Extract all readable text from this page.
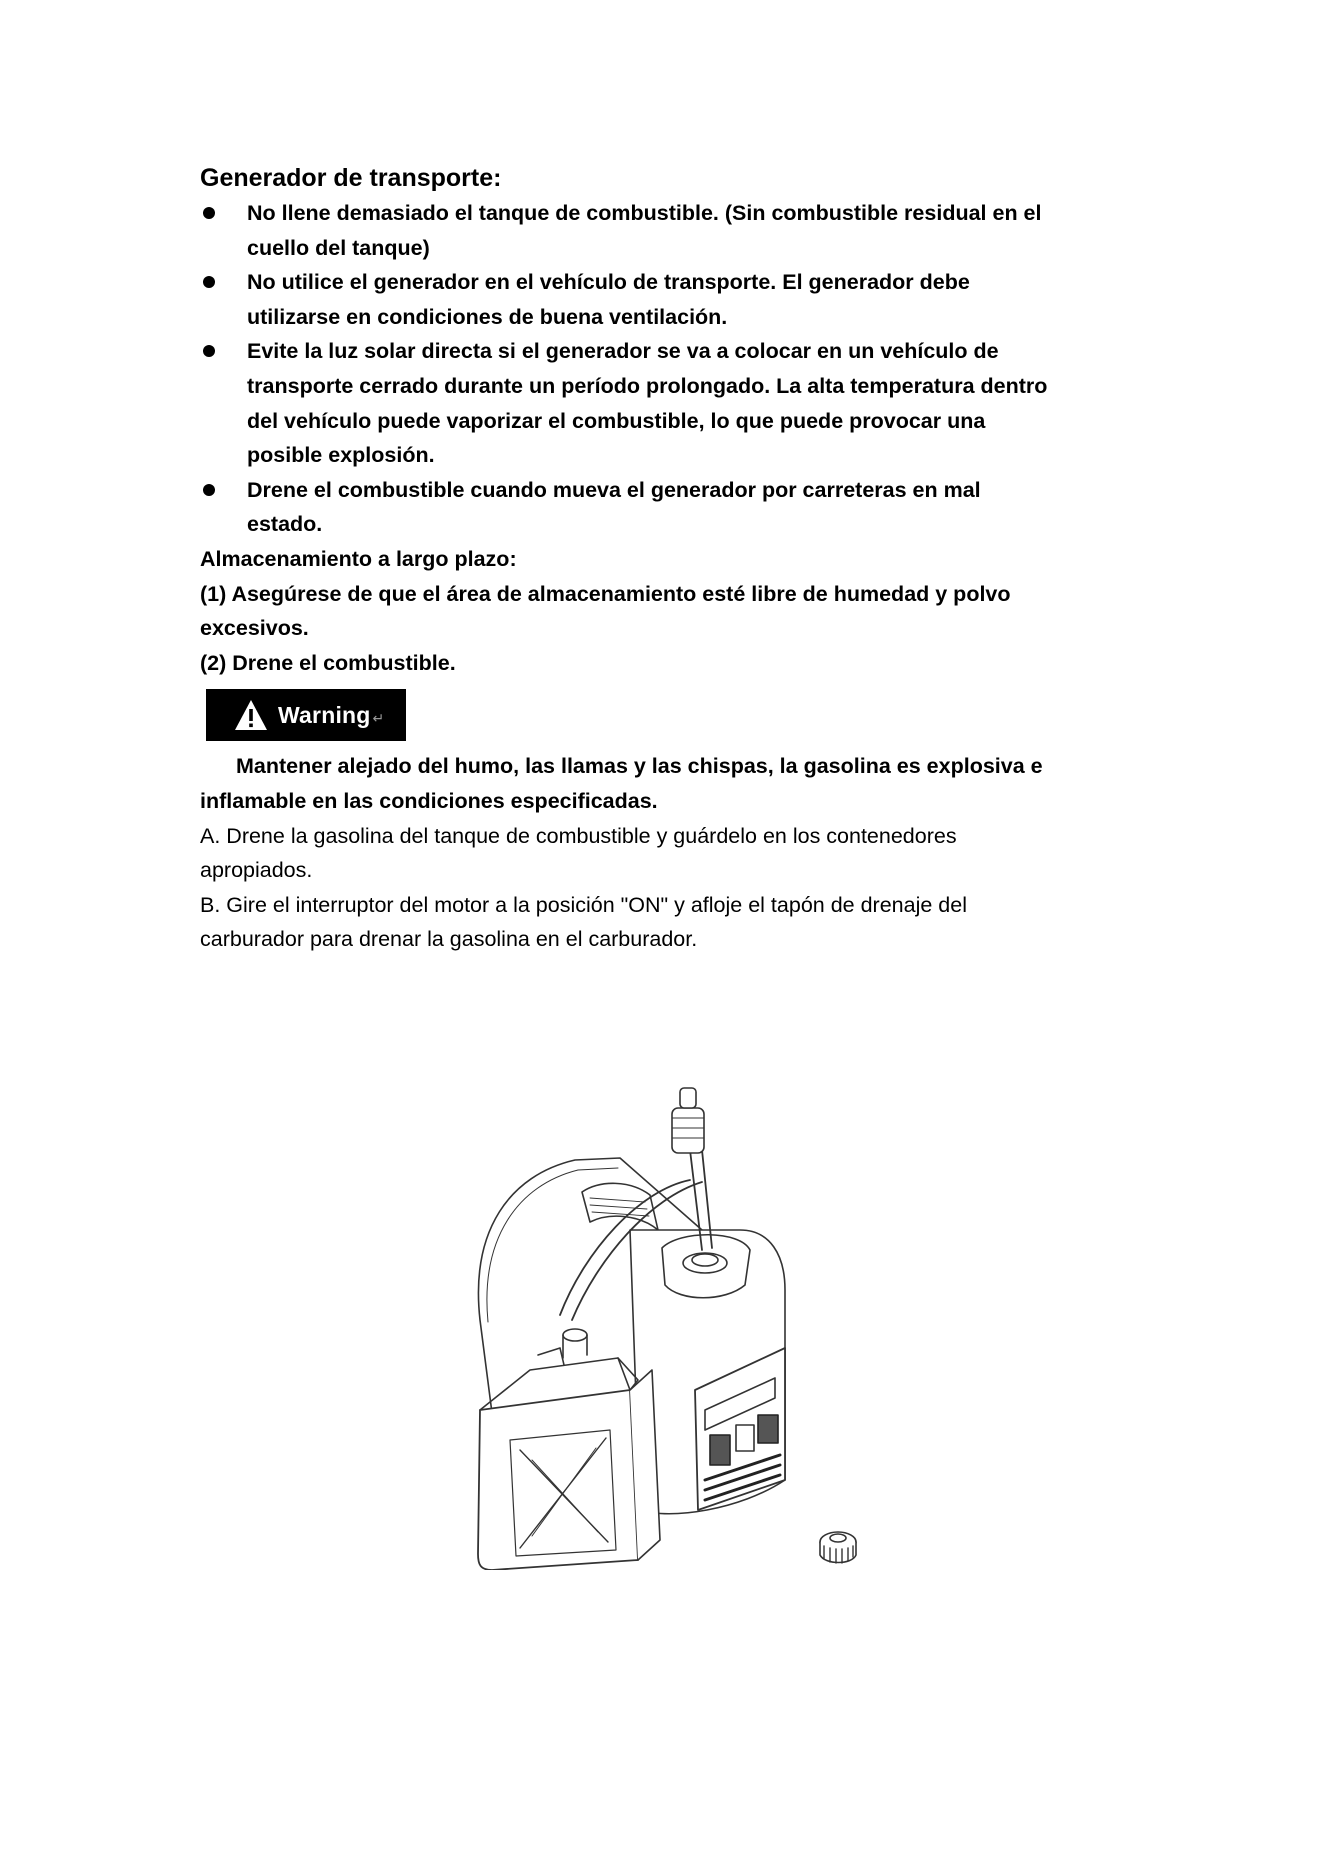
Generador de transporte:
No llene demasiado el tanque de combustible. (Sin combustible residual en el
cuello del tanque)
No utilice el generador en el vehículo de transporte. El generador debe
utilizarse en condiciones de buena ventilación.
Evite la luz solar directa si el generador se va a colocar en un vehículo de
transporte cerrado durante un período prolongado. La alta temperatura dentro
del vehículo puede vaporizar el combustible, lo que puede provocar una
posible explosión.
Drene el combustible cuando mueva el generador por carreteras en mal
estado.
Almacenamiento a largo plazo:
(1) Asegúrese de que el área de almacenamiento esté libre de humedad y polvo
excesivos.
(2) Drene el combustible.
Warning ↵
Mantener alejado del humo, las llamas y las chispas, la gasolina es explosiva e
inflamable en las condiciones especificadas.
A. Drene la gasolina del tanque de combustible y guárdelo en los contenedores
apropiados.
B. Gire el interruptor del motor a la posición "ON" y afloje el tapón de drenaje del
carburador para drenar la gasolina en el carburador.
